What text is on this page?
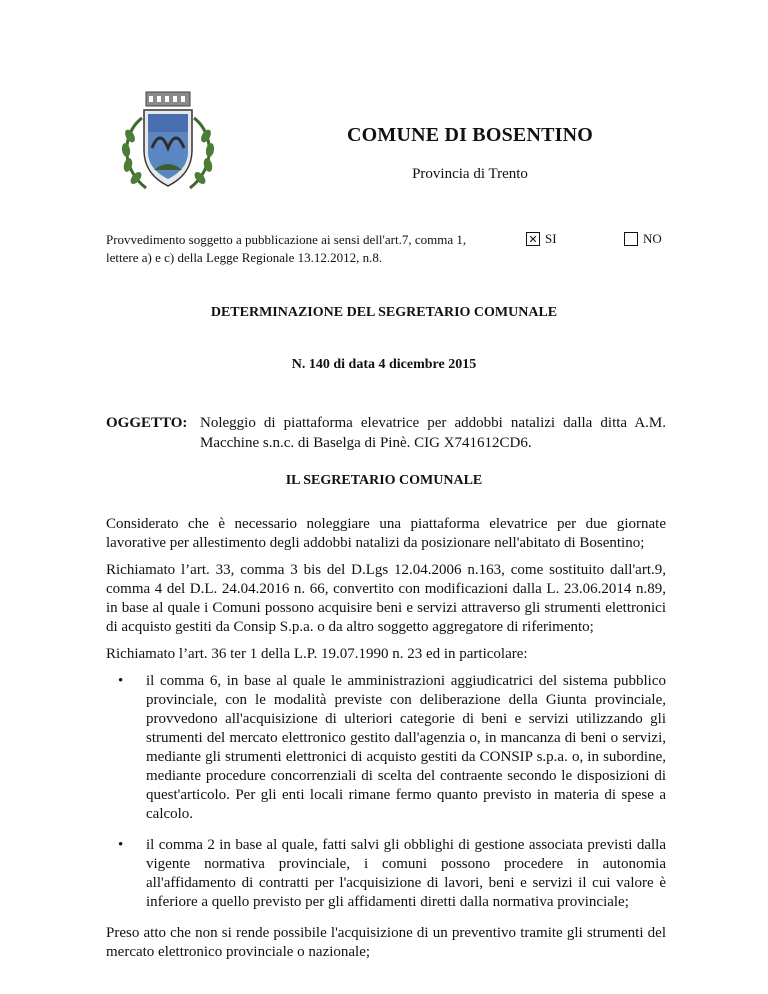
COMUNE DI BOSENTINO
Provincia di Trento
Provvedimento soggetto a pubblicazione ai sensi dell'art.7, comma 1,
lettere a) e c) della Legge Regionale 13.12.2012, n.8.
✕ SI	NO
DETERMINAZIONE DEL SEGRETARIO COMUNALE
N. 140 di data 4 dicembre 2015
OGGETTO: Noleggio di piattaforma elevatrice per addobbi natalizi dalla ditta A.M. Macchine s.n.c. di Baselga di Pinè. CIG X741612CD6.
IL SEGRETARIO COMUNALE

Considerato che è necessario noleggiare una piattaforma elevatrice per due giornate lavorative per allestimento degli addobbi natalizi da posizionare nell'abitato di Bosentino;

Richiamato l’art. 33, comma 3 bis del D.Lgs 12.04.2006 n.163, come sostituito dall'art.9, comma 4 del D.L. 24.04.2016 n. 66, convertito con modificazioni dalla L. 23.06.2014 n.89, in base al quale i Comuni possono acquisire beni e servizi attraverso gli strumenti elettronici di acquisto gestiti da Consip S.p.a. o da altro soggetto aggregatore di riferimento;

Richiamato l’art. 36 ter 1 della L.P. 19.07.1990 n. 23 ed in particolare:

• il comma 6, in base al quale le amministrazioni aggiudicatrici del sistema pubblico provinciale, con le modalità previste con deliberazione della Giunta provinciale, provvedono all'acquisizione di ulteriori categorie di beni e servizi utilizzando gli strumenti del mercato elettronico gestito dall'agenzia o, in mancanza di beni o servizi, mediante gli strumenti elettronici di acquisto gestiti da CONSIP s.p.a. o, in subordine, mediante procedure concorrenziali di scelta del contraente secondo le disposizioni di quest'articolo. Per gli enti locali rimane fermo quanto previsto in materia di spese a calcolo.
• il comma 2 in base al quale, fatti salvi gli obblighi di gestione associata previsti dalla vigente normativa provinciale, i comuni possono procedere in autonomia all'affidamento di contratti per l'acquisizione di lavori, beni e servizi il cui valore è inferiore a quello previsto per gli affidamenti diretti dalla normativa provinciale;

Preso atto che non si rende possibile l'acquisizione di un preventivo tramite gli strumenti del mercato elettronico provinciale o nazionale;
